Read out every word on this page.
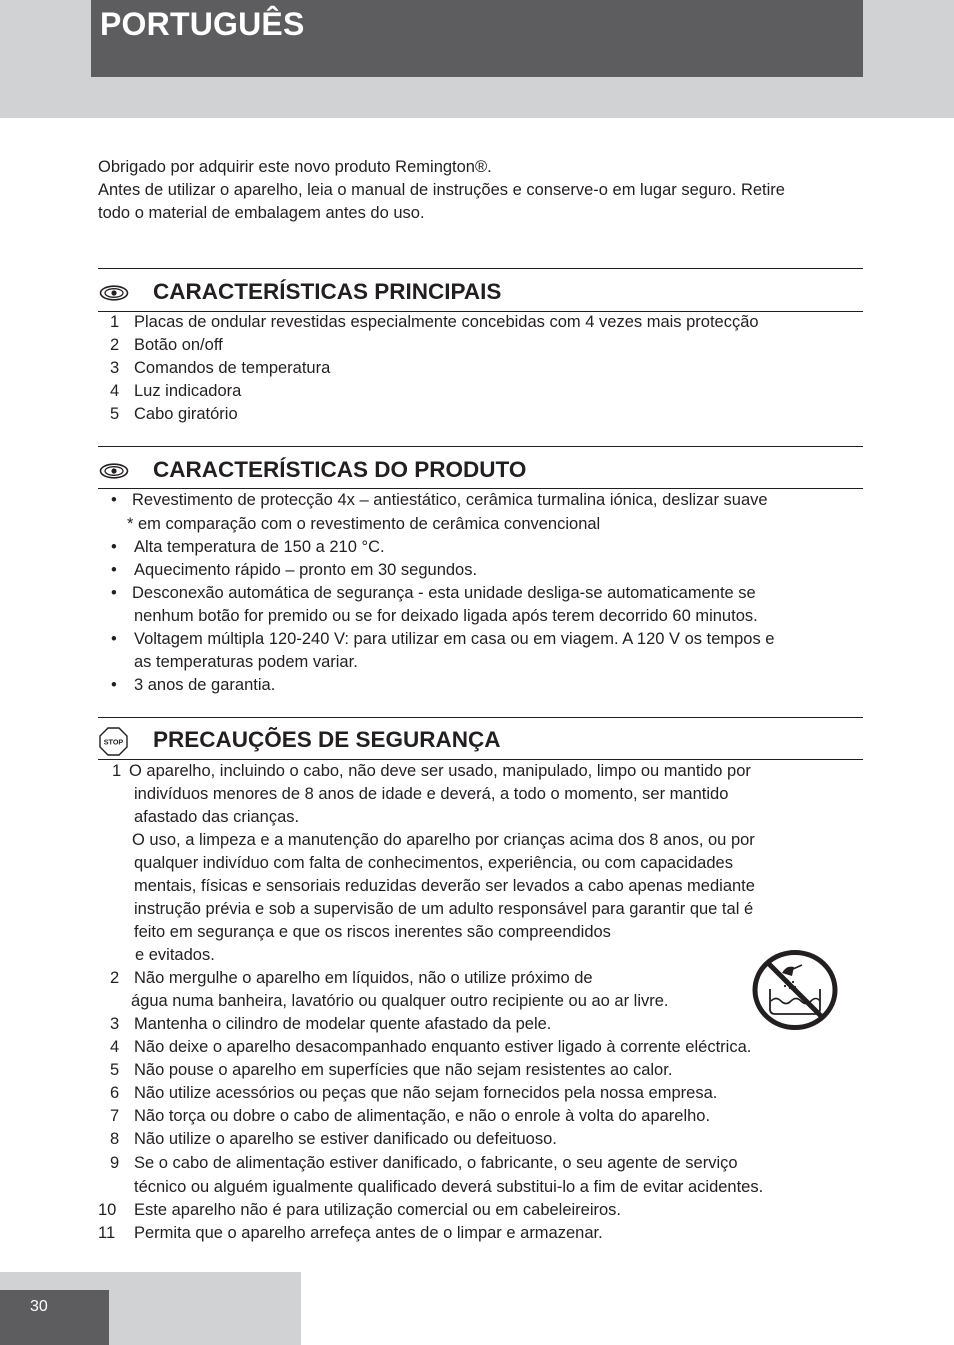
PORTUGUÊS
Obrigado por adquirir este novo produto Remington®.
Antes de utilizar o aparelho, leia o manual de instruções e conserve-o em lugar seguro. Retire
todo o material de embalagem antes do uso.
CARACTERÍSTICAS PRINCIPAIS
1 Placas de ondular revestidas especialmente concebidas com 4 vezes mais protecção
2 Botão on/off
3 Comandos de temperatura
4 Luz indicadora
5 Cabo giratório
CARACTERÍSTICAS DO PRODUTO
• Revestimento de protecção 4x – antiestático, cerâmica turmalina iónica, deslizar suave
* em comparação com o revestimento de cerâmica convencional
• Alta temperatura de 150 a 210 °C.
• Aquecimento rápido – pronto em 30 segundos.
• Desconexão automática de segurança - esta unidade desliga-se automaticamente se
nenhum botão for premido ou se for deixado ligada após terem decorrido 60 minutos.
• Voltagem múltipla 120-240 V: para utilizar em casa ou em viagem. A 120 V os tempos e
as temperaturas podem variar.
• 3 anos de garantia.
STOP PRECAUÇÕES DE SEGURANÇA
1 O aparelho, incluindo o cabo, não deve ser usado, manipulado, limpo ou mantido por
indivíduos menores de 8 anos de idade e deverá, a todo o momento, ser mantido
afastado das crianças.
O uso, a limpeza e a manutenção do aparelho por crianças acima dos 8 anos, ou por
qualquer indivíduo com falta de conhecimentos, experiência, ou com capacidades
mentais, físicas e sensoriais reduzidas deverão ser levados a cabo apenas mediante
instrução prévia e sob a supervisão de um adulto responsável para garantir que tal é
feito em segurança e que os riscos inerentes são compreendidos
e evitados.
2 Não mergulhe o aparelho em líquidos, não o utilize próximo de
água numa banheira, lavatório ou qualquer outro recipiente ou ao ar livre.
3 Mantenha o cilindro de modelar quente afastado da pele.
4 Não deixe o aparelho desacompanhado enquanto estiver ligado à corrente eléctrica.
5 Não pouse o aparelho em superfícies que não sejam resistentes ao calor.
6 Não utilize acessórios ou peças que não sejam fornecidos pela nossa empresa.
7 Não torça ou dobre o cabo de alimentação, e não o enrole à volta do aparelho.
8 Não utilize o aparelho se estiver danificado ou defeituoso.
9 Se o cabo de alimentação estiver danificado, o fabricante, o seu agente de serviço
técnico ou alguém igualmente qualificado deverá substitui-lo a fim de evitar acidentes.
10 Este aparelho não é para utilização comercial ou em cabeleireiros.
11 Permita que o aparelho arrefeça antes de o limpar e armazenar.
30
